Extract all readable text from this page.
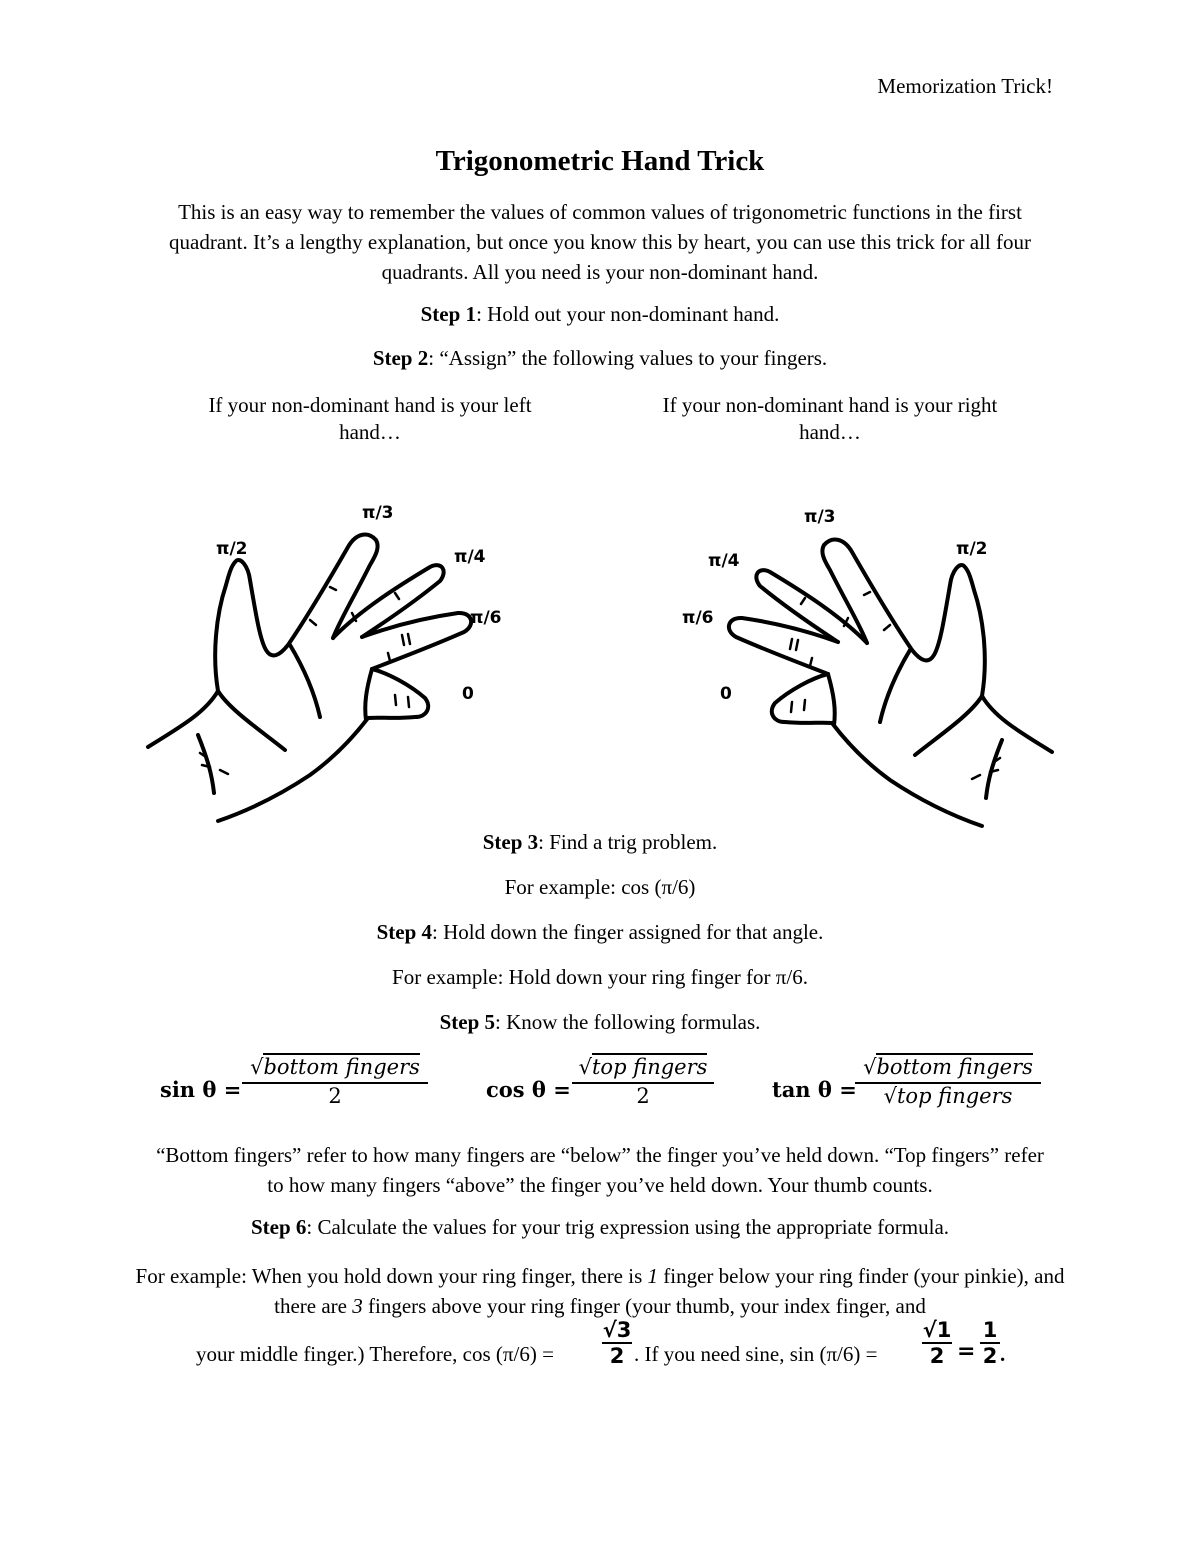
Memorization Trick!
Trigonometric Hand Trick
This is an easy way to remember the values of common values of trigonometric functions in the first quadrant. It’s a lengthy explanation, but once you know this by heart, you can use this trick for all four quadrants. All you need is your non-dominant hand.
Step 1: Hold out your non-dominant hand.
Step 2: “Assign” the following values to your fingers.
If your non-dominant hand is your left hand…
If your non-dominant hand is your right hand…
π/2
π/3
π/4
π/6
0
π/2
π/3
π/4
π/6
0
Step 3: Find a trig problem.
For example: cos (π/6)
Step 4: Hold down the finger assigned for that angle.
For example: Hold down your ring finger for π/6.
Step 5: Know the following formulas.
sin θ =
√bottom fingers
2	cos θ =
√top fingers
2	tan θ =
√bottom fingers
√top fingers
“Bottom fingers” refer to how many fingers are “below” the finger you’ve held down. “Top fingers” refer to how many fingers “above” the finger you’ve held down. Your thumb counts.
Step 6: Calculate the values for your trig expression using the appropriate formula.
For example: When you hold down your ring finger, there is 1 finger below your ring finder (your pinkie), and there are 3 fingers above your ring finger (your thumb, your index finger, and
your middle finger.) Therefore, cos (π/6) =
√3
2 . If you need sine, sin (π/6) =
√1
2 =
1
2 .
